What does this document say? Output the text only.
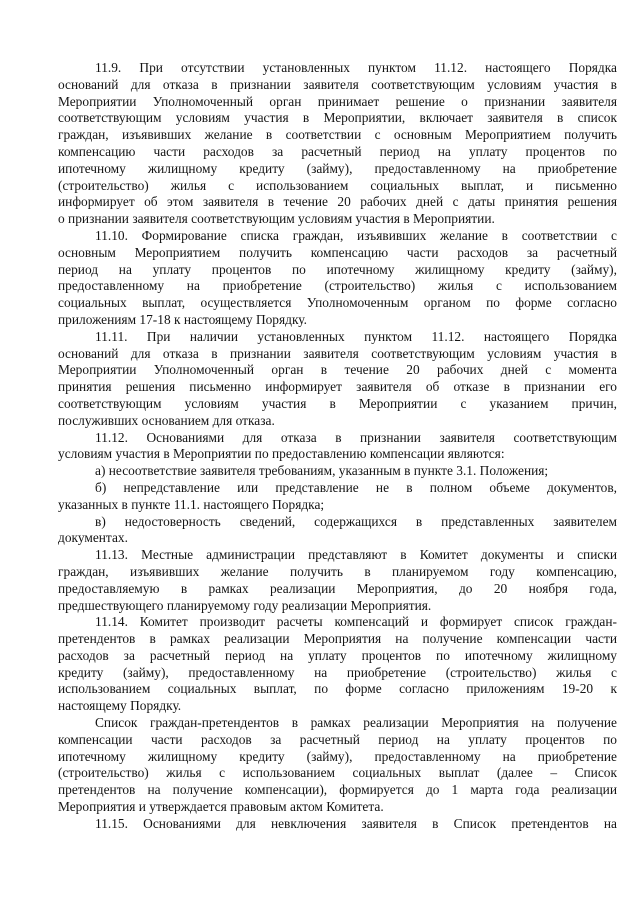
11.9. При отсутствии установленных пунктом 11.12. настоящего Порядка
оснований для отказа в признании заявителя соответствующим условиям участия в
Мероприятии Уполномоченный орган принимает решение о признании заявителя
соответствующим условиям участия в Мероприятии, включает заявителя в список
граждан, изъявивших желание в соответствии с основным Мероприятием получить
компенсацию части расходов за расчетный период на уплату процентов по
ипотечному жилищному кредиту (займу), предоставленному на приобретение
(строительство) жилья с использованием социальных выплат, и письменно
информирует об этом заявителя в течение 20 рабочих дней с даты принятия решения
о признании заявителя соответствующим условиям участия в Мероприятии.
11.10. Формирование списка граждан, изъявивших желание в соответствии с
основным Мероприятием получить компенсацию части расходов за расчетный
период на уплату процентов по ипотечному жилищному кредиту (займу),
предоставленному на приобретение (строительство) жилья с использованием
социальных выплат, осуществляется Уполномоченным органом по форме согласно
приложениям 17-18 к настоящему Порядку.
11.11. При наличии установленных пунктом 11.12. настоящего Порядка
оснований для отказа в признании заявителя соответствующим условиям участия в
Мероприятии Уполномоченный орган в течение 20 рабочих дней с момента
принятия решения письменно информирует заявителя об отказе в признании его
соответствующим условиям участия в Мероприятии с указанием причин,
послуживших основанием для отказа.
11.12. Основаниями для отказа в признании заявителя соответствующим
условиям участия в Мероприятии по предоставлению компенсации являются:
а) несоответствие заявителя требованиям, указанным в пункте 3.1. Положения;
б) непредставление или представление не в полном объеме документов,
указанных в пункте 11.1. настоящего Порядка;
в) недостоверность сведений, содержащихся в представленных заявителем
документах.
11.13. Местные администрации представляют в Комитет документы и списки
граждан, изъявивших желание получить в планируемом году компенсацию,
предоставляемую в рамках реализации Мероприятия, до 20 ноября года,
предшествующего планируемому году реализации Мероприятия.
11.14. Комитет производит расчеты компенсаций и формирует список граждан-
претендентов в рамках реализации Мероприятия на получение компенсации части
расходов за расчетный период на уплату процентов по ипотечному жилищному
кредиту (займу), предоставленному на приобретение (строительство) жилья с
использованием социальных выплат, по форме согласно приложениям 19-20 к
настоящему Порядку.
Список граждан-претендентов в рамках реализации Мероприятия на получение
компенсации части расходов за расчетный период на уплату процентов по
ипотечному жилищному кредиту (займу), предоставленному на приобретение
(строительство) жилья с использованием социальных выплат (далее – Список
претендентов на получение компенсации), формируется до 1 марта года реализации
Мероприятия и утверждается правовым актом Комитета.
11.15. Основаниями для невключения заявителя в Список претендентов на
